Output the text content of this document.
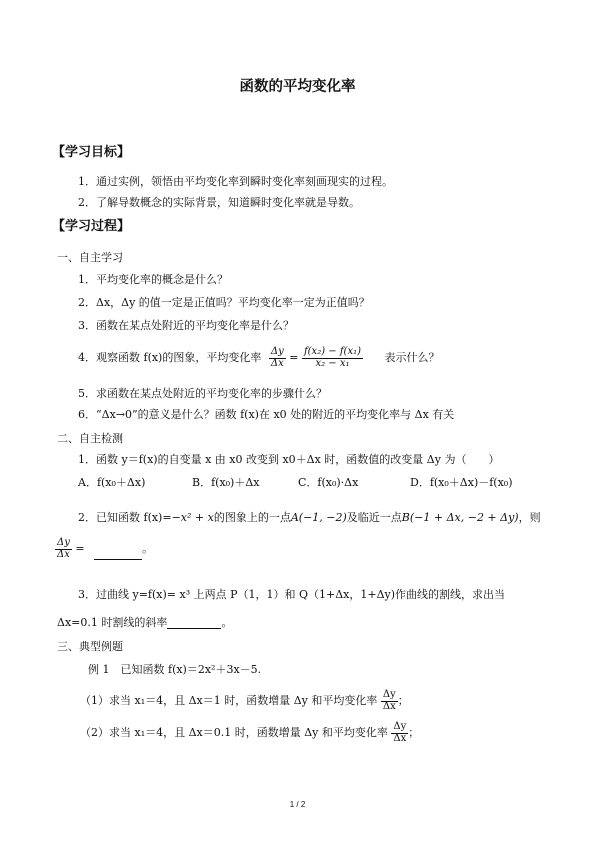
函数的平均变化率
【学习目标】
1．通过实例，领悟由平均变化率到瞬时变化率刻画现实的过程。
2．了解导数概念的实际背景，知道瞬时变化率就是导数。
【学习过程】
一、自主学习
1．平均变化率的概念是什么？
2．Δx，Δy 的值一定是正值吗？平均变化率一定为正值吗？
3．函数在某点处附近的平均变化率是什么？
4．观察函数 f(x)的图象，平均变化率 $\frac{\Delta y}{\Delta x} = \frac{\text{f(x₂) − f(x₁)}}{\text{x₂ − x₁}}$ 表示什么？
5．求函数在某点处附近的平均变化率的步骤什么？
6．“Δx→0”的意义是什么？函数 f(x)在 x0 处的附近的平均变化率与 Δx 有关
二、自主检测
1．函数 y＝f(x)的自变量 x 由 x0 改变到 x0＋Δx 时，函数值的改变量 Δy 为（　　）
A．f(x₀＋Δx)	B．f(x₀)＋Δx	C．f(x₀)·Δx	D．f(x₀＋Δx)－f(x₀)
2．已知函数 f(x)=−x² + x的图象上的一点A(−1, −2)及临近一点B(−1 + Δx, −2 + Δy)，则
$\frac{\Delta y}{\Delta x}$ =	。
3．过曲线 y=f(x)= x³ 上两点 P（1，1）和 Q（1+Δx，1+Δy)作曲线的割线，求出当
Δx=0.1 时割线的斜率	。
三、典型例题
例 1　已知函数 f(x)＝2x²＋3x－5.
（1）求当 x₁＝4，且 Δx＝1 时，函数增量 Δy 和平均变化率 $\frac{\Delta y}{\Delta x}$ ；
（2）求当 x₁＝4，且 Δx＝0.1 时，函数增量 Δy 和平均变化率 $\frac{\Delta y}{\Delta x}$ ；
1 / 2
